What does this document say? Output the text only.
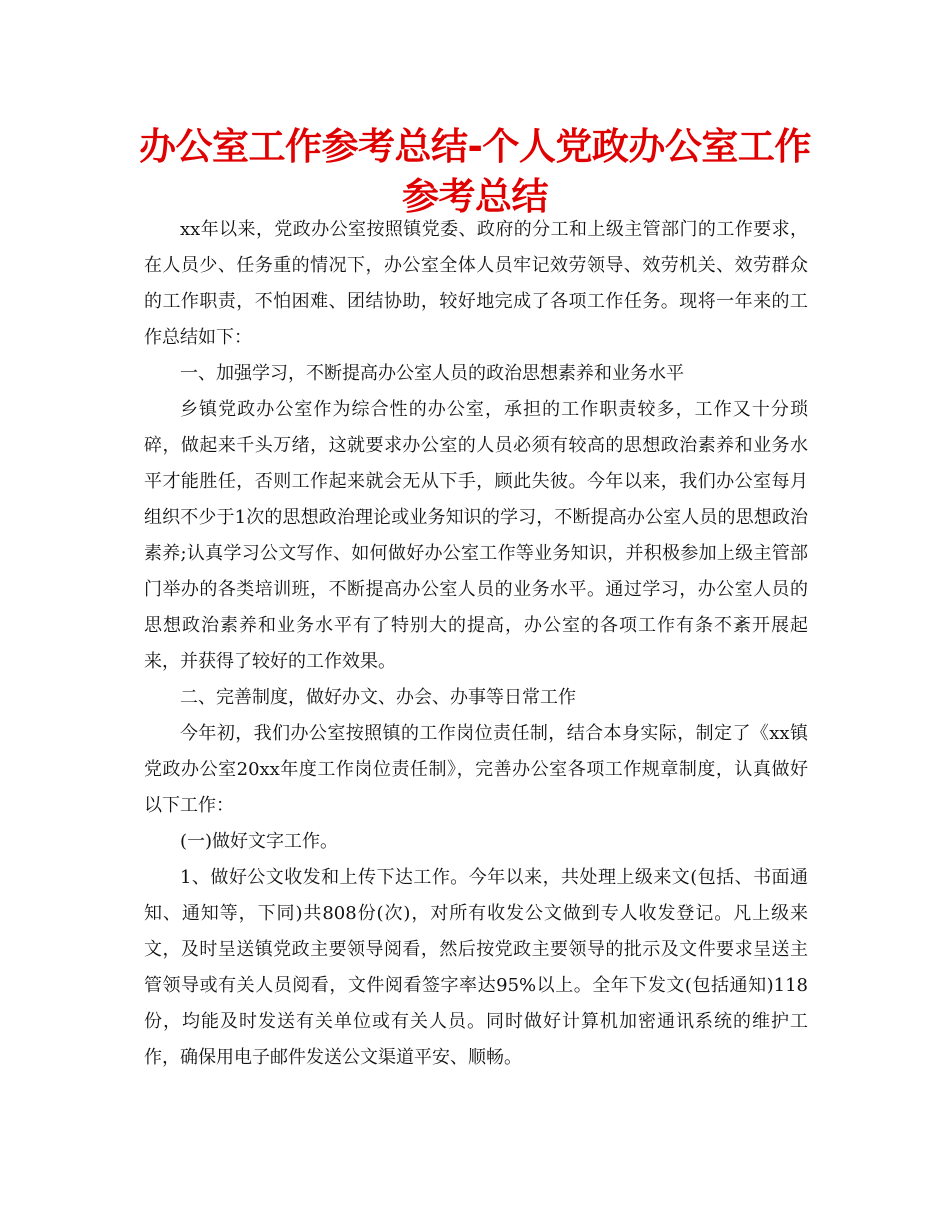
办公室工作参考总结-个人党政办公室工作参考总结

xx年以来，党政办公室按照镇党委、政府的分工和上级主管部门的工作要求，在人员少、任务重的情况下，办公室全体人员牢记效劳领导、效劳机关、效劳群众的工作职责，不怕困难、团结协助，较好地完成了各项工作任务。现将一年来的工作总结如下：

一、加强学习，不断提高办公室人员的政治思想素养和业务水平

乡镇党政办公室作为综合性的办公室，承担的工作职责较多，工作又十分琐碎，做起来千头万绪，这就要求办公室的人员必须有较高的思想政治素养和业务水平才能胜任，否则工作起来就会无从下手，顾此失彼。今年以来，我们办公室每月组织不少于1次的思想政治理论或业务知识的学习，不断提高办公室人员的思想政治素养;认真学习公文写作、如何做好办公室工作等业务知识，并积极参加上级主管部门举办的各类培训班，不断提高办公室人员的业务水平。通过学习，办公室人员的思想政治素养和业务水平有了特别大的提高，办公室的各项工作有条不紊开展起来，并获得了较好的工作效果。

二、完善制度，做好办文、办会、办事等日常工作

今年初，我们办公室按照镇的工作岗位责任制，结合本身实际，制定了《xx镇党政办公室20xx年度工作岗位责任制》，完善办公室各项工作规章制度，认真做好以下工作：

(一)做好文字工作。

1、做好公文收发和上传下达工作。今年以来，共处理上级来文(包括、书面通知、通知等，下同)共808份(次)，对所有收发公文做到专人收发登记。凡上级来文，及时呈送镇党政主要领导阅看，然后按党政主要领导的批示及文件要求呈送主管领导或有关人员阅看，文件阅看签字率达95%以上。全年下发文(包括通知)118份，均能及时发送有关单位或有关人员。同时做好计算机加密通讯系统的维护工作，确保用电子邮件发送公文渠道平安、顺畅。
